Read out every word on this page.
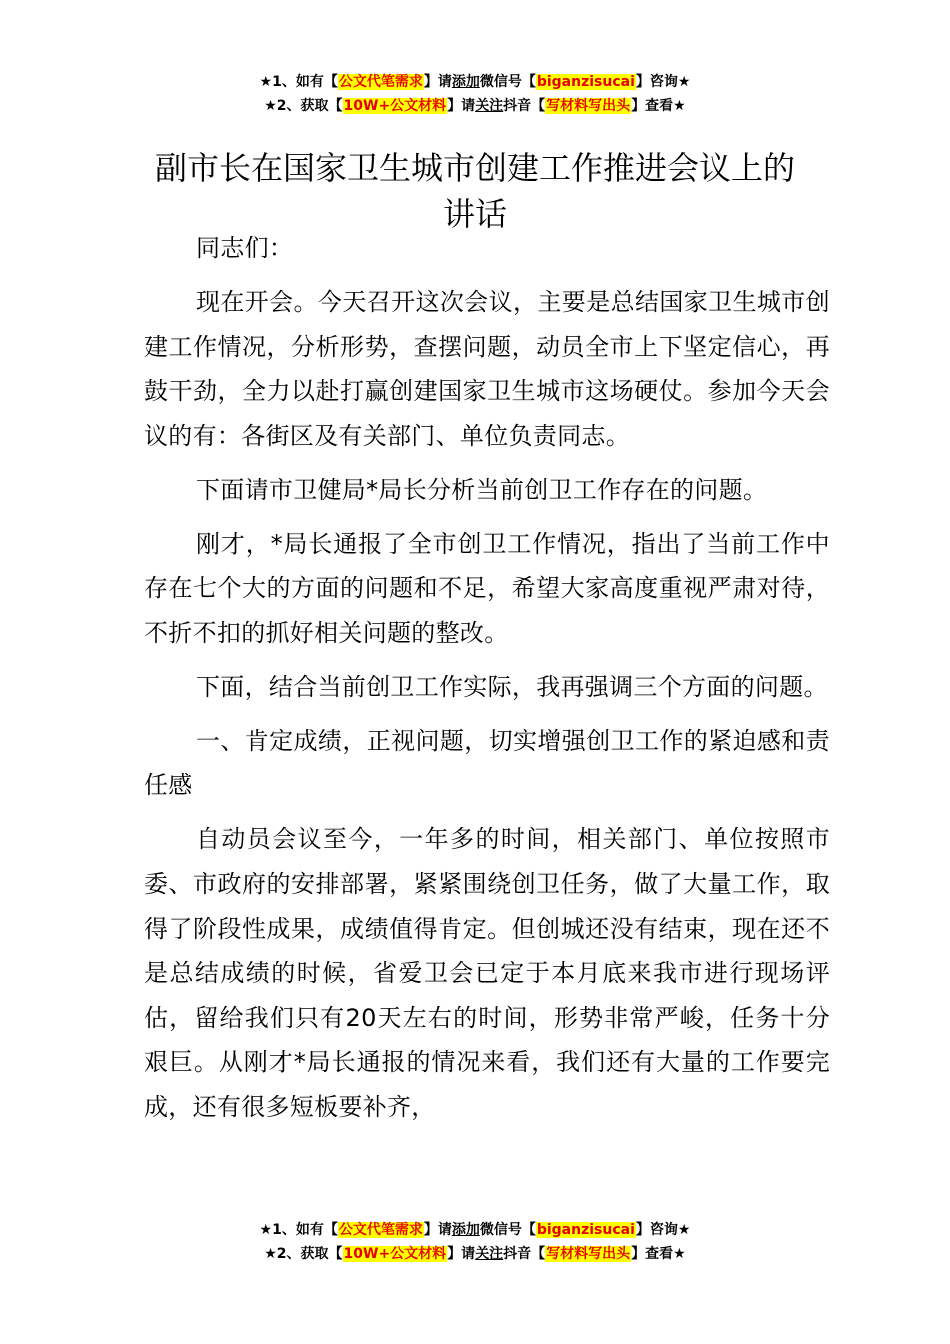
★1、如有【公文代笔需求】请添加微信号【biganzisucai】咨询★
★2、获取【10W+公文材料】请关注抖音【写材料写出头】查看★
副市长在国家卫生城市创建工作推进会议上的讲话

同志们：

现在开会。今天召开这次会议，主要是总结国家卫生城市创建工作情况，分析形势，查摆问题，动员全市上下坚定信心，再鼓干劲，全力以赴打赢创建国家卫生城市这场硬仗。参加今天会议的有：各街区及有关部门、单位负责同志。

下面请市卫健局*局长分析当前创卫工作存在的问题。

刚才，*局长通报了全市创卫工作情况，指出了当前工作中存在七个大的方面的问题和不足，希望大家高度重视严肃对待，不折不扣的抓好相关问题的整改。

下面，结合当前创卫工作实际，我再强调三个方面的问题。

一、肯定成绩，正视问题，切实增强创卫工作的紧迫感和责任感

自动员会议至今，一年多的时间，相关部门、单位按照市委、市政府的安排部署，紧紧围绕创卫任务，做了大量工作，取得了阶段性成果，成绩值得肯定。但创城还没有结束，现在还不是总结成绩的时候，省爱卫会已定于本月底来我市进行现场评估，留给我们只有20天左右的时间，形势非常严峻，任务十分艰巨。从刚才*局长通报的情况来看，我们还有大量的工作要完成，还有很多短板要补齐，

★1、如有【公文代笔需求】请添加微信号【biganzisucai】咨询★
★2、获取【10W+公文材料】请关注抖音【写材料写出头】查看★
